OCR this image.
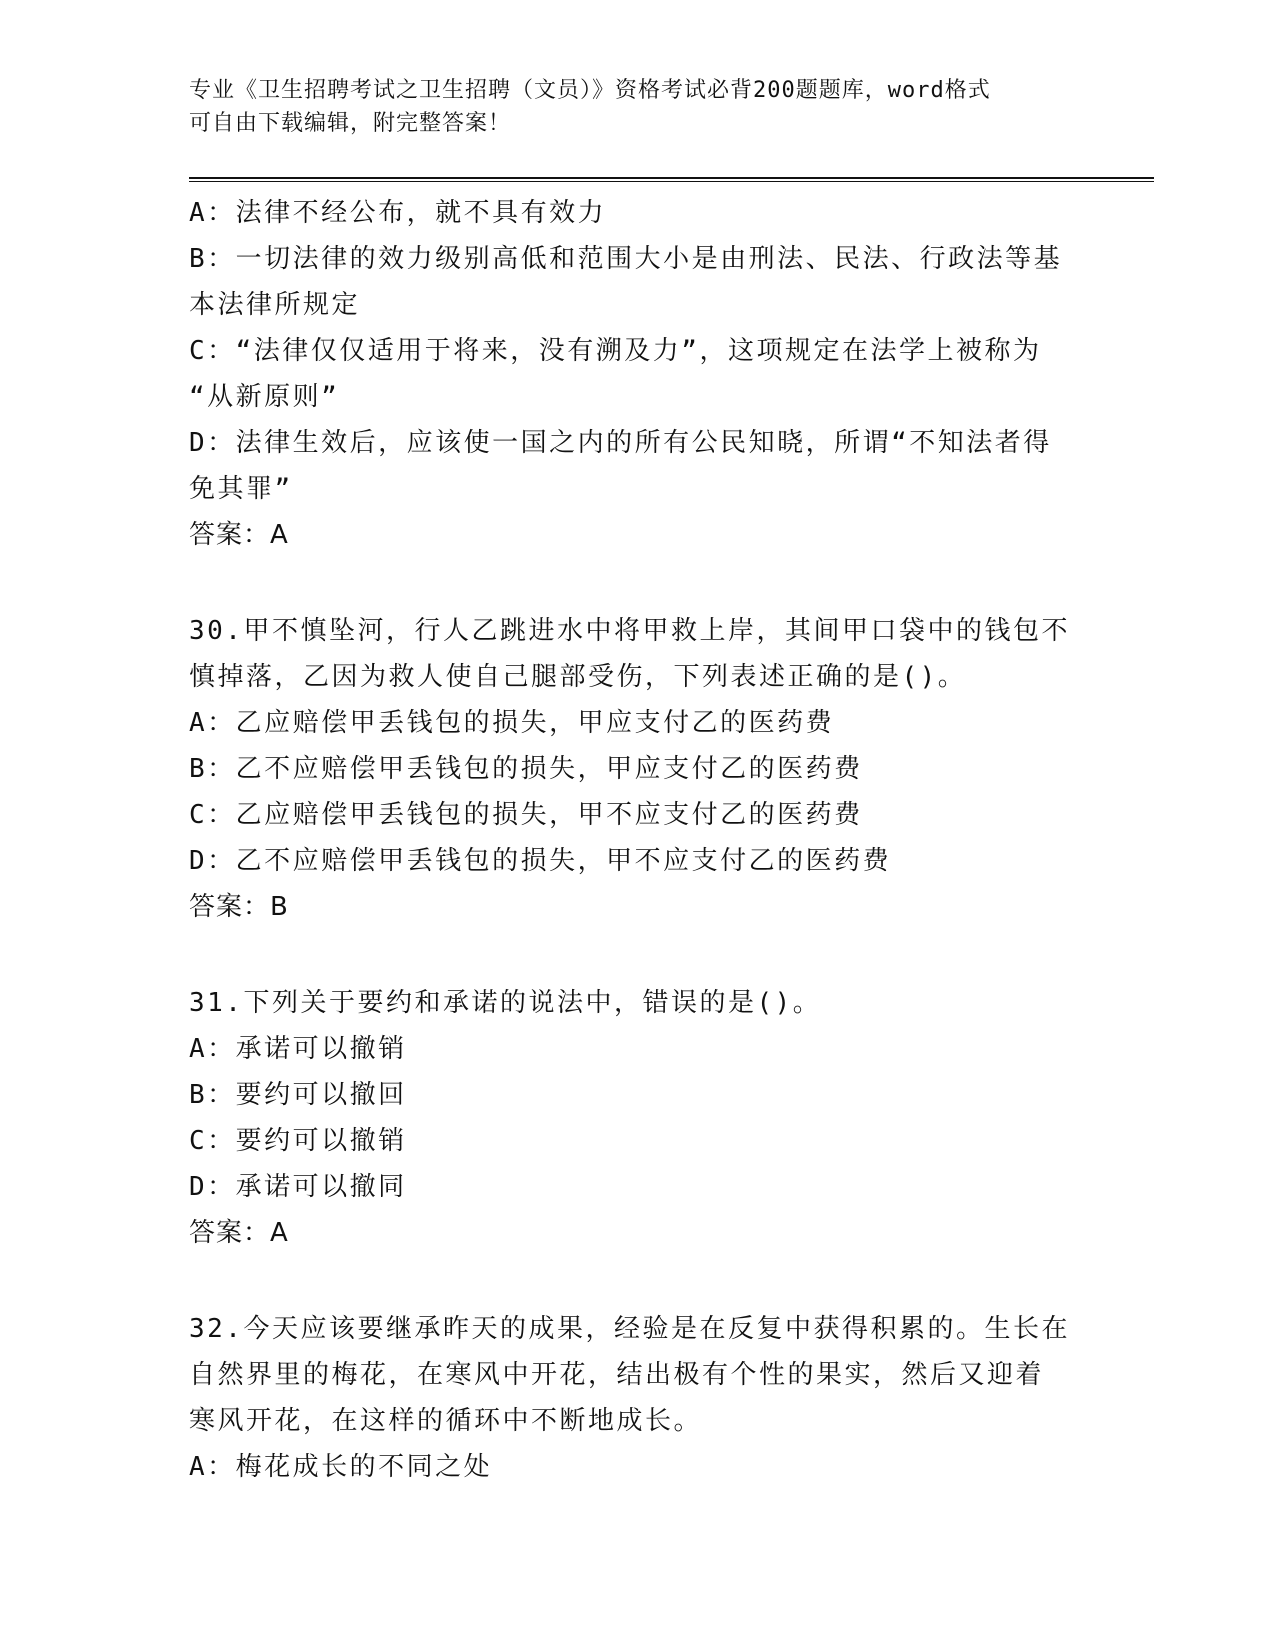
专业《卫生招聘考试之卫生招聘（文员）》资格考试必背200题题库，word格式
可自由下载编辑，附完整答案！
A：法律不经公布，就不具有效力
B：一切法律的效力级别高低和范围大小是由刑法、民法、行政法等基
本法律所规定
C：“法律仅仅适用于将来，没有溯及力”，这项规定在法学上被称为
“从新原则”
D：法律生效后，应该使一国之内的所有公民知晓，所谓“不知法者得
免其罪”
答案：A
30.甲不慎坠河，行人乙跳进水中将甲救上岸，其间甲口袋中的钱包不
慎掉落，乙因为救人使自己腿部受伤，下列表述正确的是()。
A：乙应赔偿甲丢钱包的损失，甲应支付乙的医药费
B：乙不应赔偿甲丢钱包的损失，甲应支付乙的医药费
C：乙应赔偿甲丢钱包的损失，甲不应支付乙的医药费
D：乙不应赔偿甲丢钱包的损失，甲不应支付乙的医药费
答案：B
31.下列关于要约和承诺的说法中，错误的是()。
A：承诺可以撤销
B：要约可以撤回
C：要约可以撤销
D：承诺可以撤同
答案：A
32.今天应该要继承昨天的成果，经验是在反复中获得积累的。生长在
自然界里的梅花，在寒风中开花，结出极有个性的果实，然后又迎着
寒风开花，在这样的循环中不断地成长。
A：梅花成长的不同之处
